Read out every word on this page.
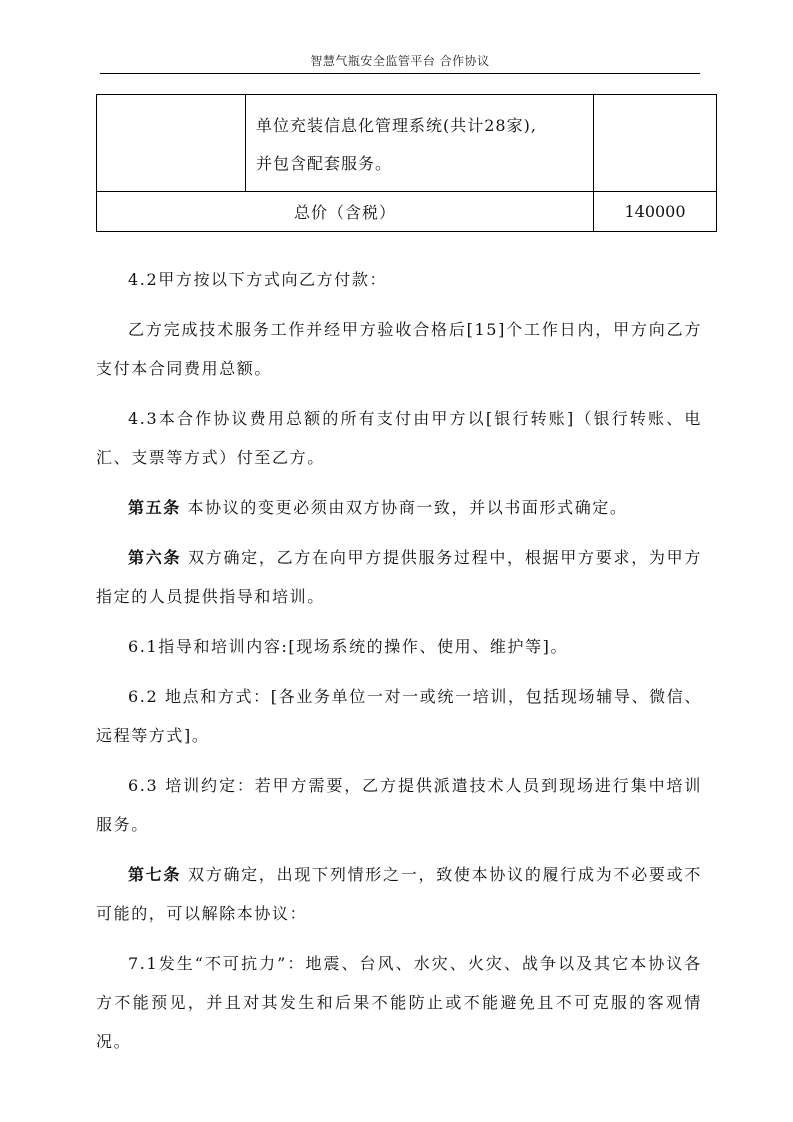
智慧气瓶安全监管平台 合作协议

	单位充装信息化管理系统(共计28家),
并包含配套服务。	

总价（含税）		140000

4.2甲方按以下方式向乙方付款：

乙方完成技术服务工作并经甲方验收合格后[15]个工作日内，甲方向乙方支付本合同费用总额。

4.3本合作协议费用总额的所有支付由甲方以[银行转账]（银行转账、电汇、支票等方式）付至乙方。

第五条 本协议的变更必须由双方协商一致，并以书面形式确定。

第六条 双方确定，乙方在向甲方提供服务过程中，根据甲方要求，为甲方指定的人员提供指导和培训。

6.1指导和培训内容:[现场系统的操作、使用、维护等]。

6.2 地点和方式：[各业务单位一对一或统一培训，包括现场辅导、微信、远程等方式]。

6.3 培训约定：若甲方需要，乙方提供派遣技术人员到现场进行集中培训服务。

第七条 双方确定，出现下列情形之一，致使本协议的履行成为不必要或不可能的，可以解除本协议：

7.1发生“不可抗力”：地震、台风、水灾、火灾、战争以及其它本协议各方不能预见，并且对其发生和后果不能防止或不能避免且不可克服的客观情况。
